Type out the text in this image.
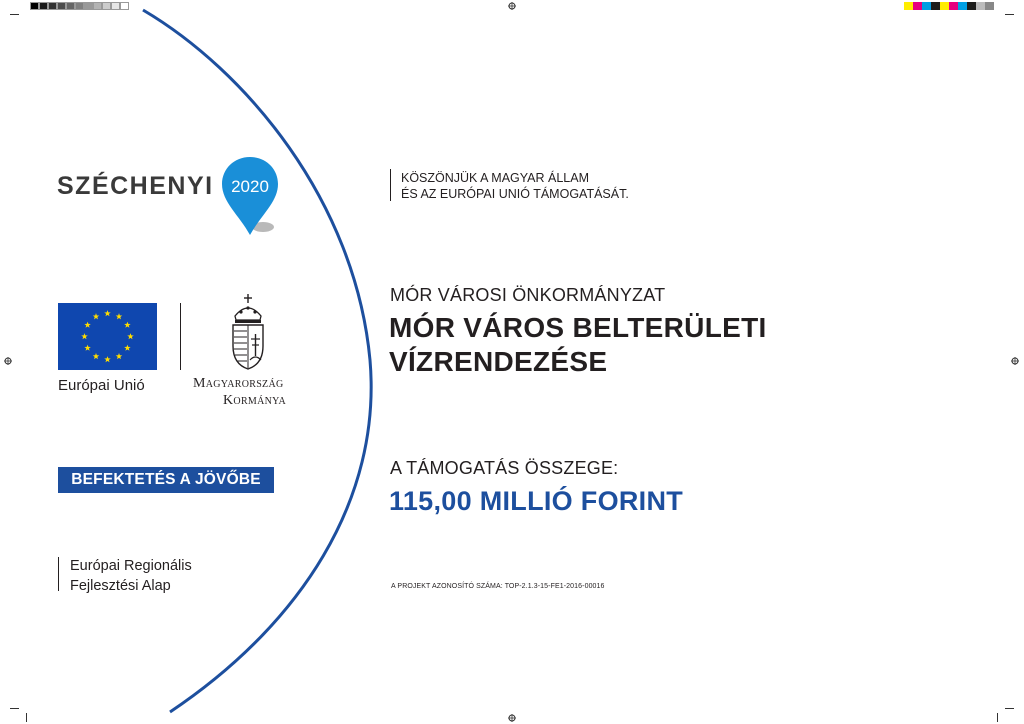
SZÉCHENYI 2020
Európai Unió	Magyarország
Kormánya
BEFEKTETÉS A JÖVŐBE
Európai Regionális
Fejlesztési Alap
KÖSZÖNJÜK A MAGYAR ÁLLAM
ÉS AZ EURÓPAI UNIÓ TÁMOGATÁSÁT.
MÓR VÁROSI ÖNKORMÁNYZAT
MÓR VÁROS BELTERÜLETI
VÍZRENDEZÉSE
A TÁMOGATÁS ÖSSZEGE:
115,00 MILLIÓ FORINT
A PROJEKT AZONOSÍTÓ SZÁMA: TOP-2.1.3-15-FE1-2016-00016
